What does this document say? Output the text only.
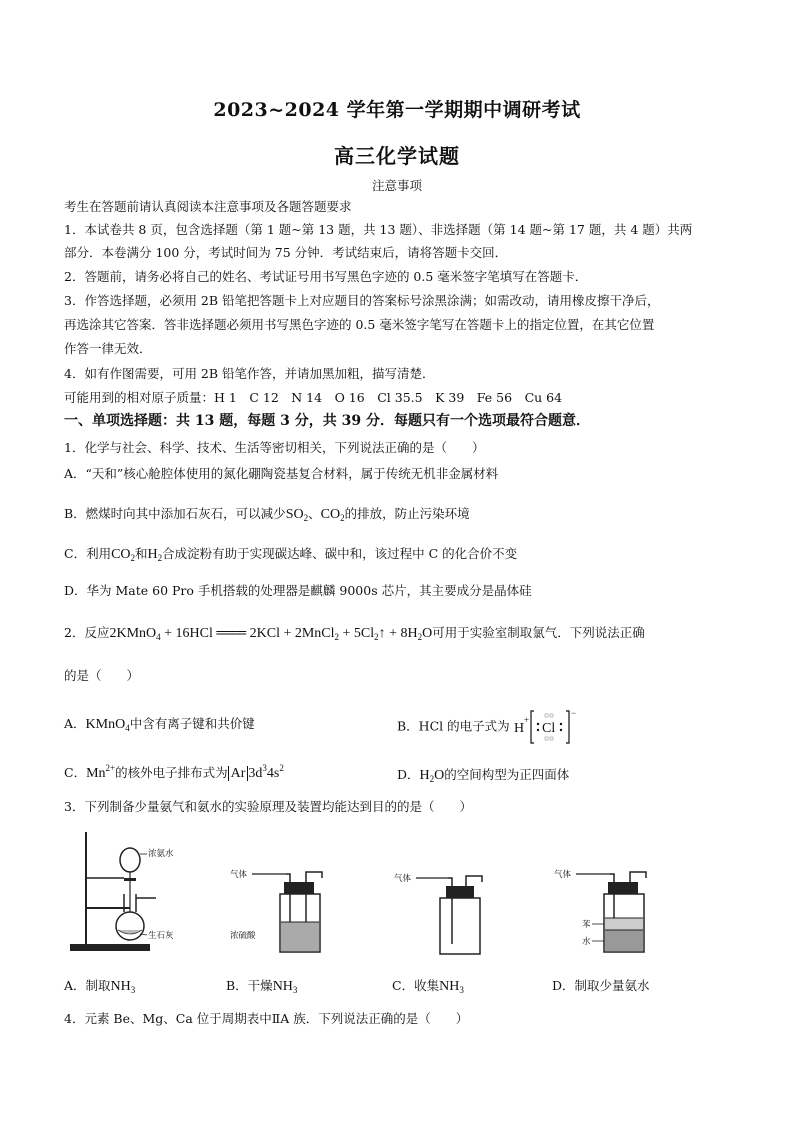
2023~2024 学年第一学期期中调研考试
高三化学试题
注意事项
考生在答题前请认真阅读本注意事项及各题答题要求
1．本试卷共 8 页，包含选择题（第 1 题~第 13 题，共 13 题）、非选择题（第 14 题~第 17 题，共 4 题）共两
部分．本卷满分 100 分，考试时间为 75 分钟．考试结束后，请将答题卡交回．
2．答题前，请务必将自己的姓名、考试证号用书写黑色字迹的 0.5 毫米签字笔填写在答题卡．
3．作答选择题，必须用 2B 铅笔把答题卡上对应题目的答案标号涂黑涂满；如需改动，请用橡皮擦干净后，
再选涂其它答案．答非选择题必须用书写黑色字迹的 0.5 毫米签字笔写在答题卡上的指定位置，在其它位置
作答一律无效．
4．如有作图需要，可用 2B 铅笔作答，并请加黑加粗，描写清楚．
可能用到的相对原子质量：H 1　C 12　N 14　O 16　Cl 35.5　K 39　Fe 56　Cu 64
一、单项选择题：共 13 题，每题 3 分，共 39 分．每题只有一个选项最符合题意．
1．化学与社会、科学、技术、生活等密切相关，下列说法正确的是（　　）
A．“天和”核心舱腔体使用的氮化硼陶瓷基复合材料，属于传统无机非金属材料
B．燃煤时向其中添加石灰石，可以减少$SO_2$、$CO_2$的排放，防止污染环境
C．利用$CO_2$和$H_2$合成淀粉有助于实现碳达峰、碳中和，该过程中 C 的化合价不变
D．华为 Mate 60 Pro 手机搭载的处理器是麒麟 9000s 芯片，其主要成分是晶体硅
2．反应2KMnO$_4$ + 16HCl ═══ 2KCl + 2MnCl$_2$ + $5Cl_2↑ + 8H_2O$可用于实验室制取氯气．下列说法正确
的是（　　）
A．KMnO$_4$中含有离子键和共价键	B．HCl 的电子式为 H
+
−
Cl
C．$Mn^{2+}$的核外电子排布式为 Ar $3d^34s^2$	D．$H_2O$的空间构型为正四面体
3．下列制备少量氨气和氨水的实验原理及装置均能达到目的的是（　　）
浓氨水
生石灰
气体
浓硫酸
气体	气体
苯
水
A．制取$NH_3$	B．干燥$NH_3$	C．收集$NH_3$	D．制取少量氨水
4．元素 Be、Mg、Ca 位于周期表中ⅡA 族．下列说法正确的是（　　）
